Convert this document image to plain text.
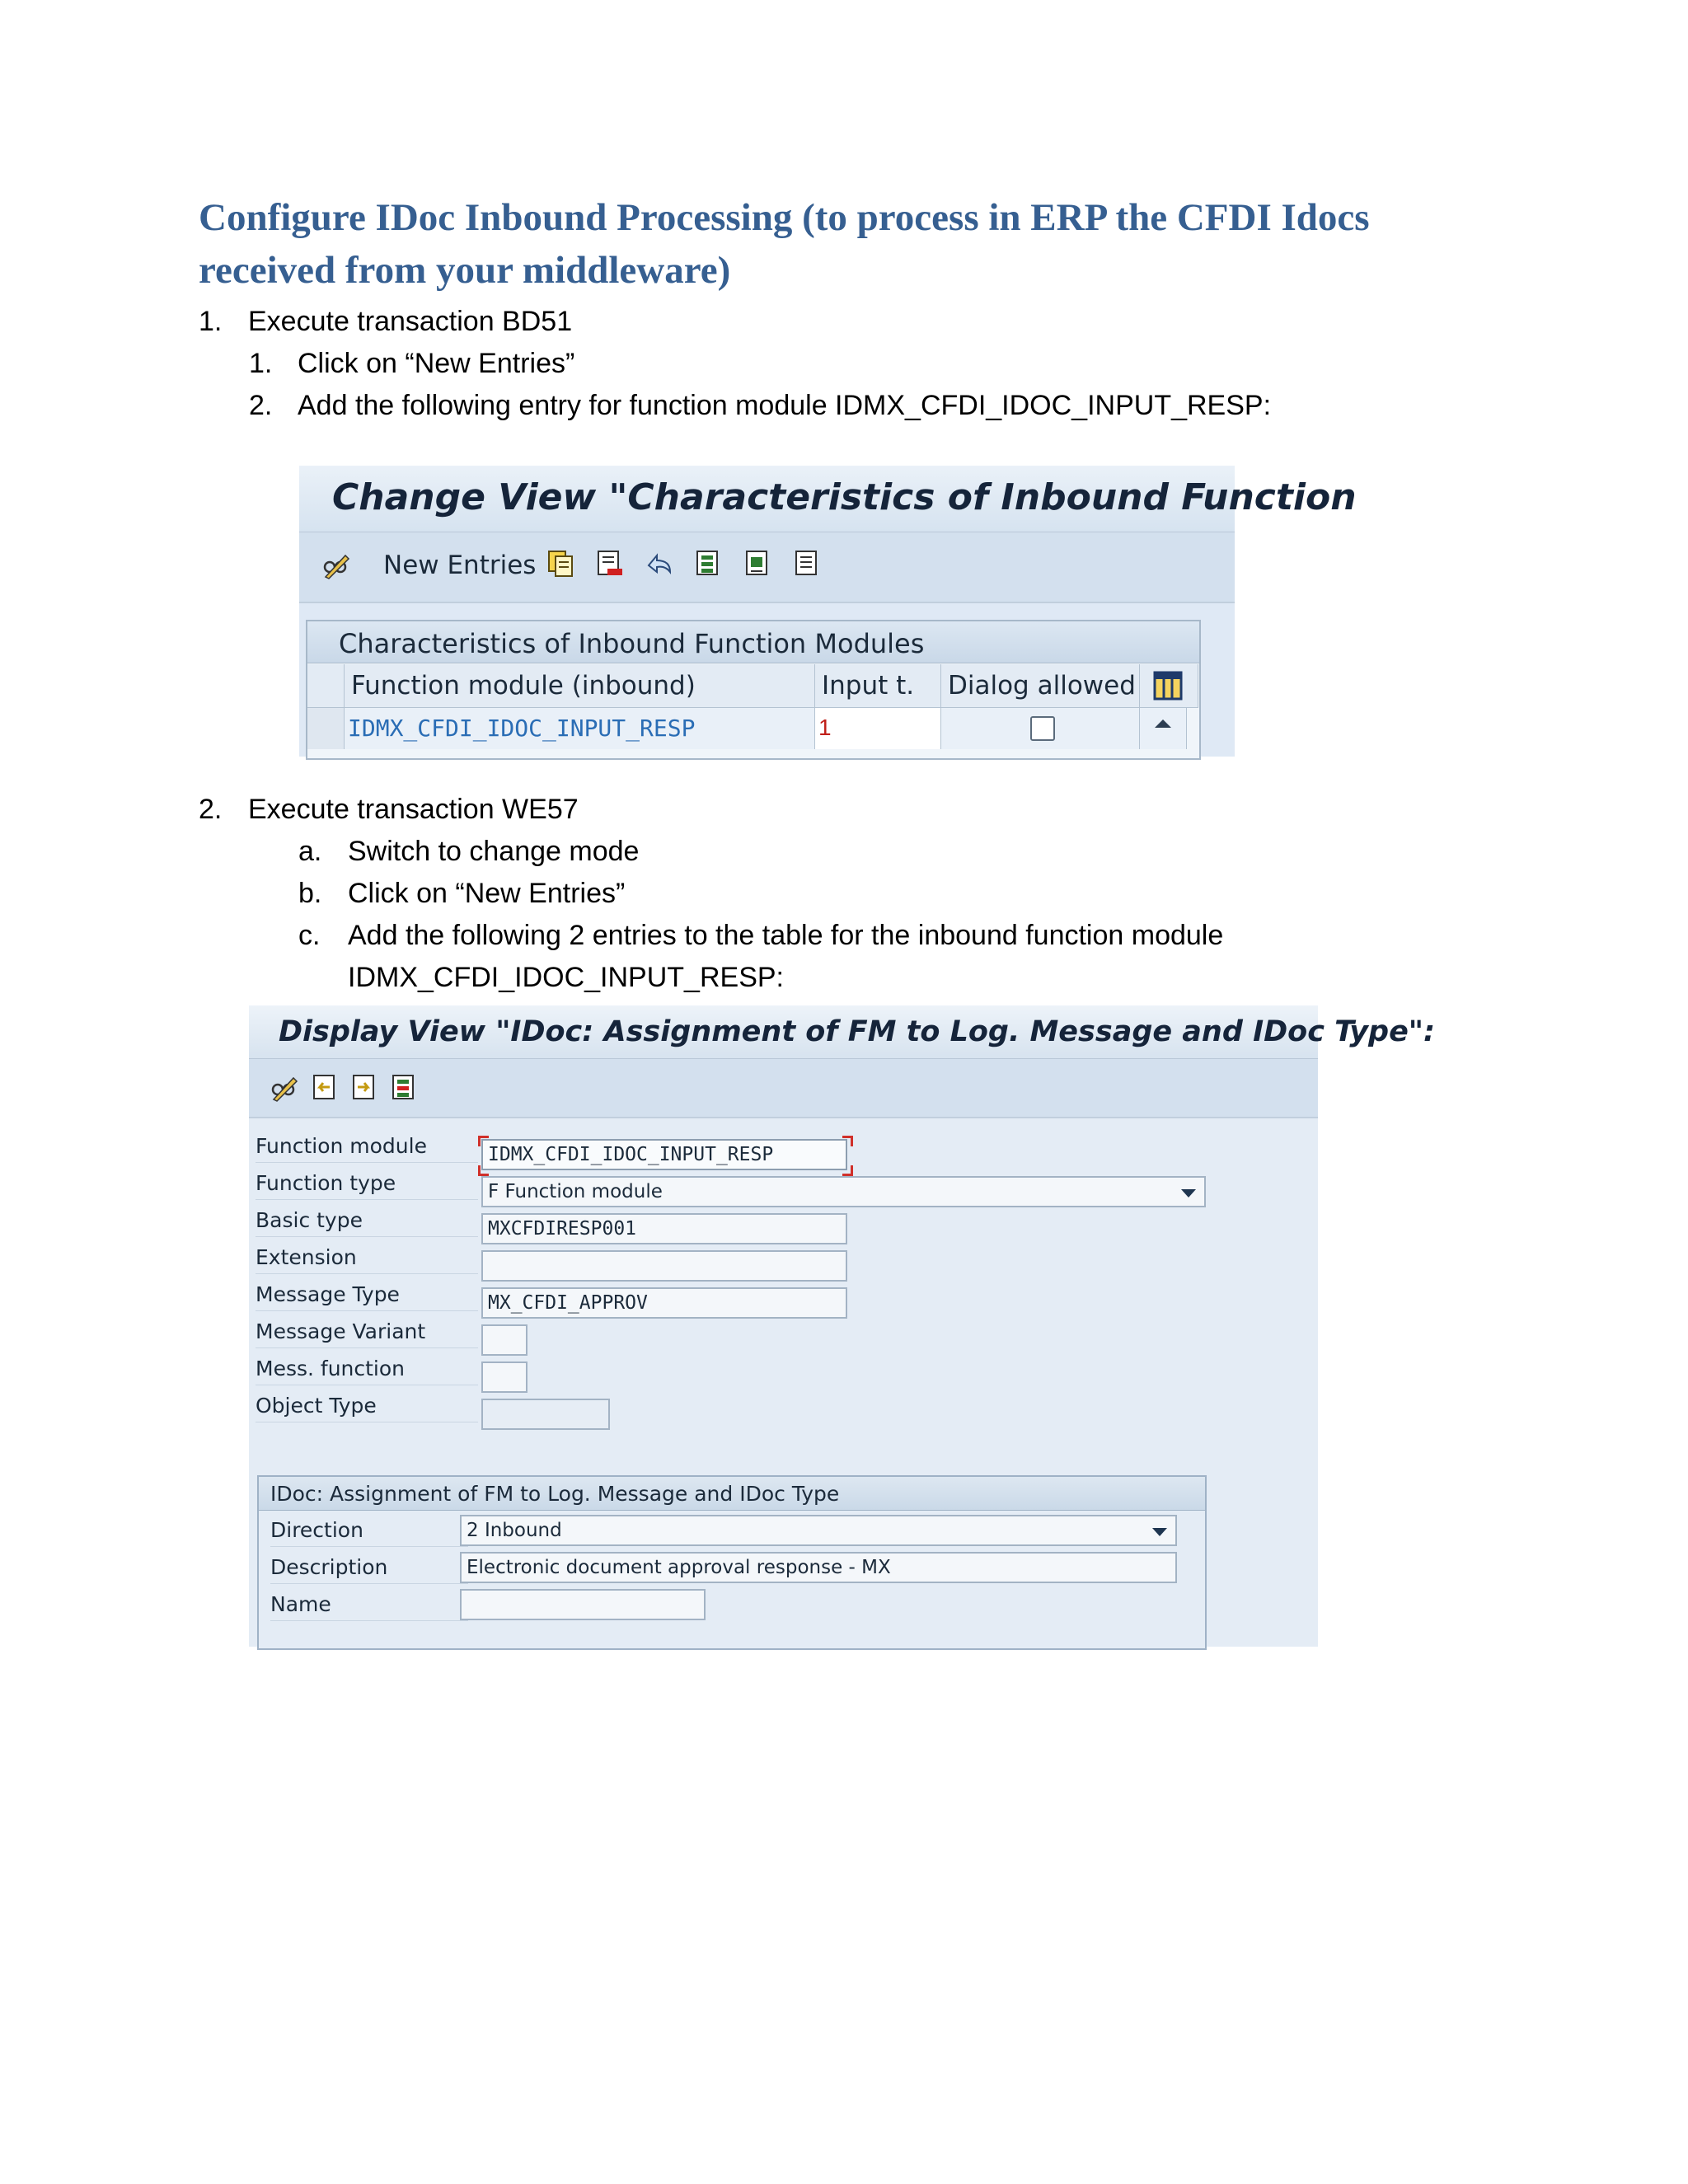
Configure IDoc Inbound Processing (to process in ERP the CFDI Idocs received from your middleware)
1. Execute transaction BD51
1. Click on “New Entries”
2. Add the following entry for function module IDMX_CFDI_IDOC_INPUT_RESP:
Change View "Characteristics of Inbound Function
New Entries
Characteristics of Inbound Function Modules
Function module (inbound)	Input t. Dialog allowed
IDMX_CFDI_IDOC_INPUT_RESP	1
2. Execute transaction WE57
a. Switch to change mode
b. Click on “New Entries”
c. Add the following 2 entries to the table for the inbound function module
IDMX_CFDI_IDOC_INPUT_RESP:
Display View "IDoc: Assignment of FM to Log. Message and IDoc Type":
Function module
Function type
Basic type
Extension
Message Type
Message Variant
Mess. function
Object Type
IDMX_CFDI_IDOC_INPUT_RESP
F Function module
MXCFDIRESP001
MX_CFDI_APPROV
IDoc: Assignment of FM to Log. Message and IDoc Type
Direction
Description
Name
2 Inbound
Electronic document approval response - MX
